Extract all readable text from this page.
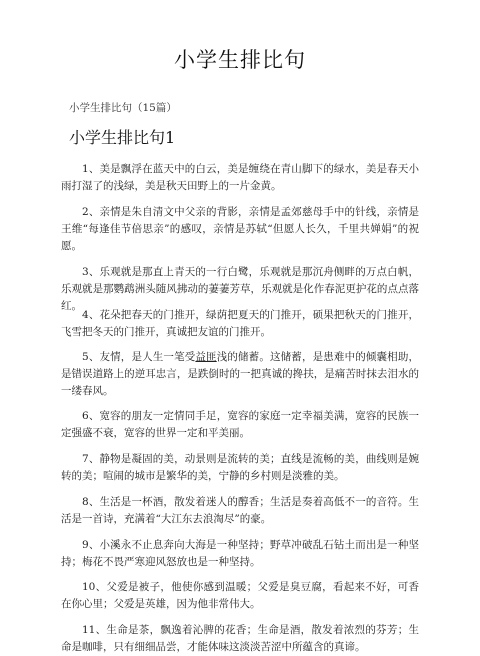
小学生排比句
小学生排比句（15篇）
小学生排比句1

1、美是飘浮在蓝天中的白云，美是缠绕在青山脚下的绿水，美是春天小雨打湿了的浅绿，美是秋天田野上的一片金黄。

2、亲情是朱自清文中父亲的背影，亲情是孟郊慈母手中的针线，亲情是王维“每逢佳节倍思亲”的感叹，亲情是苏轼“但愿人长久，千里共婵娟”的祝愿。

3、乐观就是那直上青天的一行白鹭，乐观就是那沉舟侧畔的万点白帆，乐观就是那鹦鹉洲头随风拂动的萋萋芳草，乐观就是化作春泥更护花的点点落红。

4、花朵把春天的门推开，绿荫把夏天的门推开，硕果把秋天的门推开，飞雪把冬天的门推开，真诚把友谊的门推开。

5、友情，是人生一笔受益匪浅的储蓄。这储蓄，是患难中的倾囊相助，是错误道路上的逆耳忠言，是跌倒时的一把真诚的搀扶，是痛苦时抹去泪水的一缕春风。

6、宽容的朋友一定情同手足，宽容的家庭一定幸福美满，宽容的民族一定强盛不衰，宽容的世界一定和平美丽。

7、静物是凝固的美，动景则是流转的美；直线是流畅的美，曲线则是婉转的美；喧闹的城市是繁华的美，宁静的乡村则是淡雅的美。

8、生活是一杯酒，散发着迷人的醇香；生活是奏着高低不一的音符。生活是一首诗，充满着“大江东去浪淘尽”的豪。

9、小溪永不止息奔向大海是一种坚持；野草冲破乱石钻土而出是一种坚持；梅花不畏严寒迎风怒放也是一种坚持。

10、父爱是被子，他使你感到温暖；父爱是臭豆腐，看起来不好，可香在你心里；父爱是英雄，因为他非常伟大。

11、生命是茶，飘逸着沁脾的花香；生命是酒，散发着浓烈的芬芳；生命是咖啡，只有细细品尝，才能体味这淡淡苦涩中所蕴含的真谛。
